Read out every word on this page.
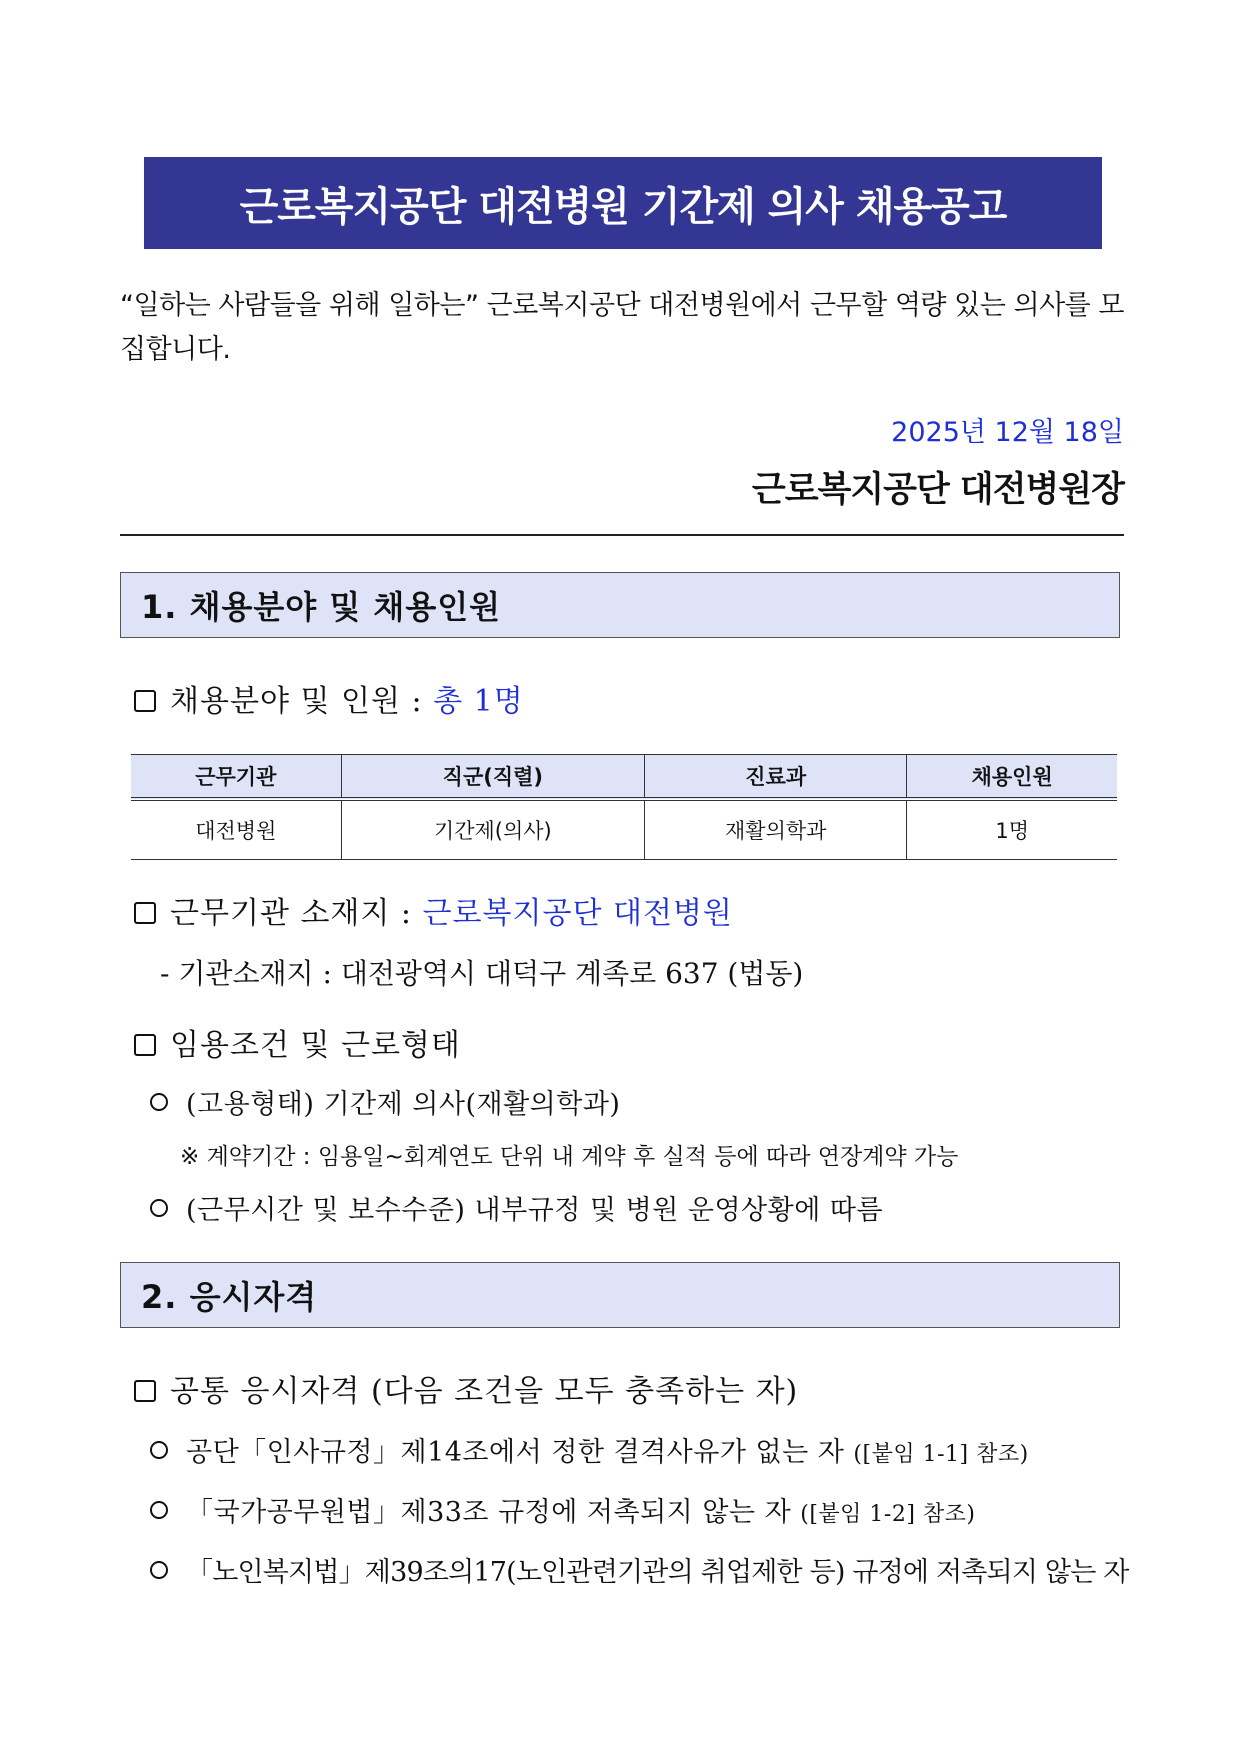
근로복지공단 대전병원 기간제 의사 채용공고
“일하는 사람들을 위해 일하는” 근로복지공단 대전병원에서 근무할 역량 있는 의사를 모집합니다.
2025년 12월 18일
근로복지공단 대전병원장
1. 채용분야 및 채용인원
채용분야 및 인원 : 총 1명
근무기관	직군(직렬)	진료과	채용인원
대전병원	기간제(의사)	재활의학과	1명
근무기관 소재지 : 근로복지공단 대전병원
- 기관소재지 : 대전광역시 대덕구 계족로 637 (법동)
임용조건 및 근로형태
(고용형태) 기간제 의사(재활의학과)
※ 계약기간 : 임용일~회계연도 단위 내 계약 후 실적 등에 따라 연장계약 가능
(근무시간 및 보수수준) 내부규정 및 병원 운영상황에 따름
2. 응시자격
공통 응시자격 (다음 조건을 모두 충족하는 자)
공단「인사규정」제14조에서 정한 결격사유가 없는 자 ([붙임 1-1] 참조)
「국가공무원법」제33조 규정에 저촉되지 않는 자 ([붙임 1-2] 참조)
「노인복지법」제39조의17(노인관련기관의 취업제한 등) 규정에 저촉되지 않는 자
